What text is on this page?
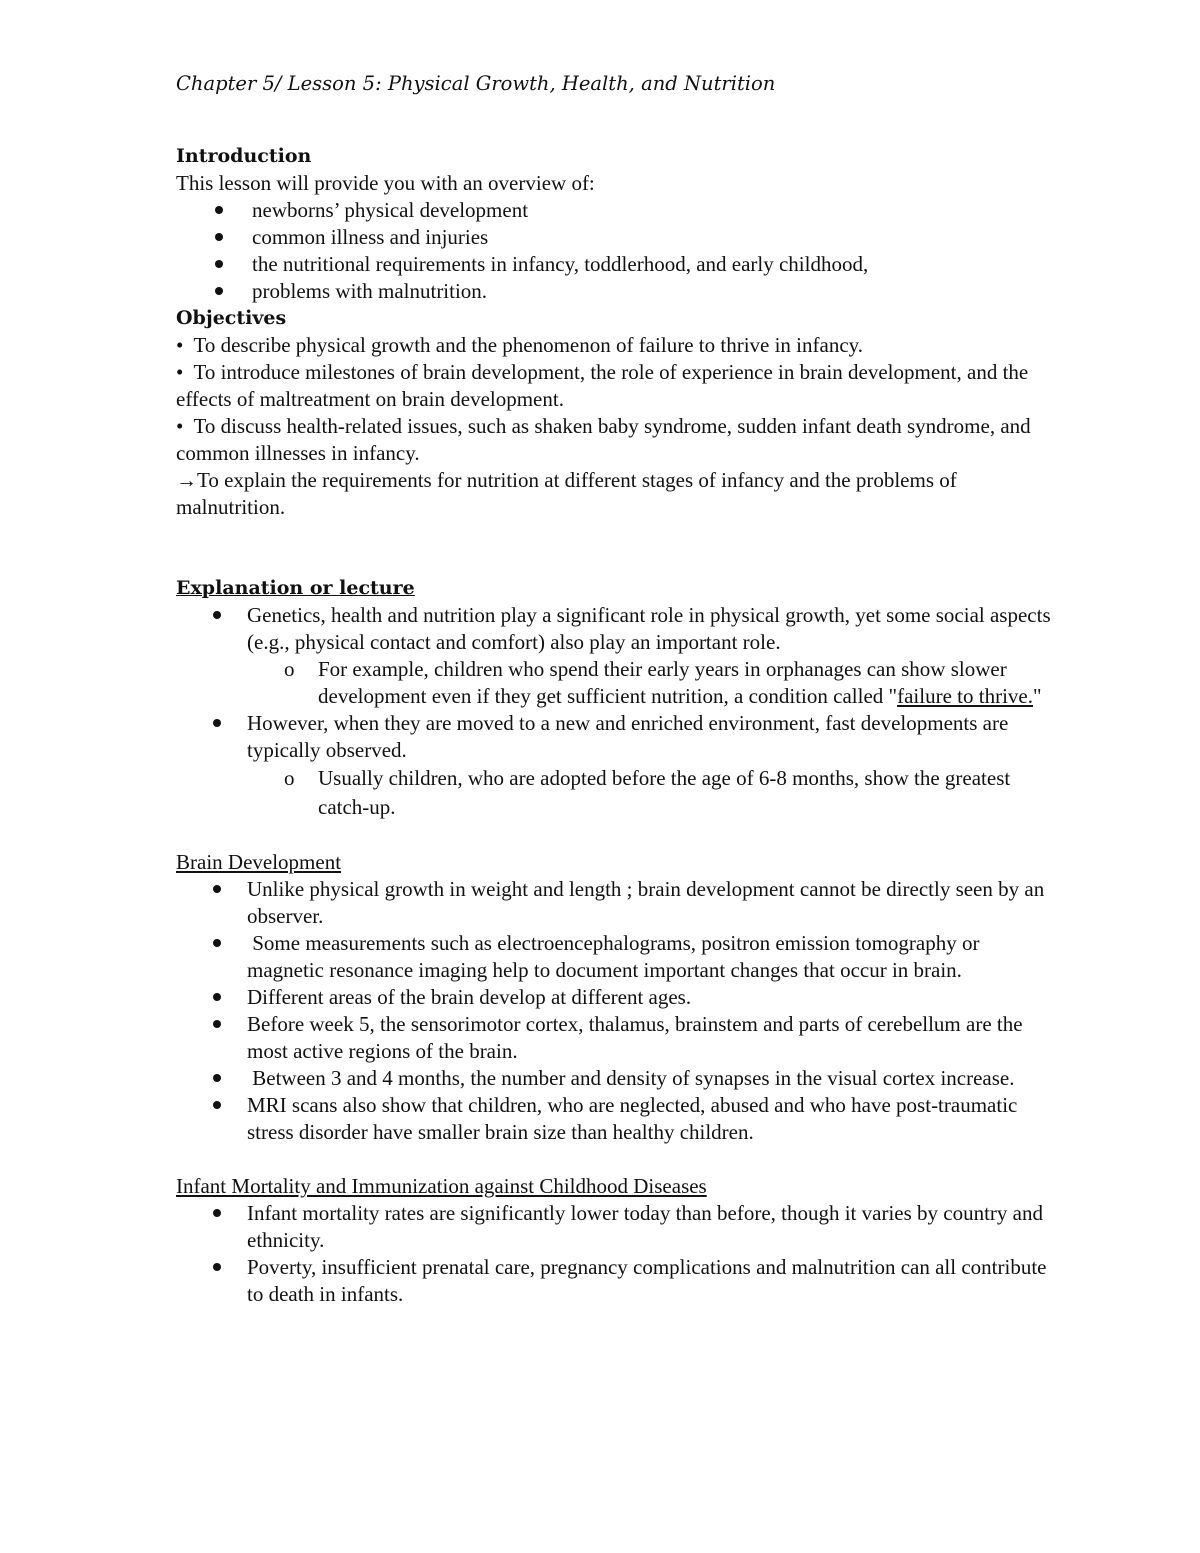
Chapter 5/ Lesson 5: Physical Growth, Health, and Nutrition
Introduction

This lesson will provide you with an overview of:

newborns’ physical development
common illness and injuries
the nutritional requirements in infancy, toddlerhood, and early childhood,
problems with malnutrition.
Objectives

• To describe physical growth and the phenomenon of failure to thrive in infancy.

• To introduce milestones of brain development, the role of experience in brain development, and the effects of maltreatment on brain development.

• To discuss health-related issues, such as shaken baby syndrome, sudden infant death syndrome, and common illnesses in infancy.

→To explain the requirements for nutrition at different stages of infancy and the problems of malnutrition.

Explanation or lecture
Genetics, health and nutrition play a significant role in physical growth, yet some social aspects (e.g., physical contact and comfort) also play an important role.
o For example, children who spend their early years in orphanages can show slower development even if they get sufficient nutrition, a condition called "failure to thrive."
However, when they are moved to a new and enriched environment, fast developments are typically observed.
o Usually children, who are adopted before the age of 6-8 months, show the greatest catch-up.
Brain Development
Unlike physical growth in weight and length ; brain development cannot be directly seen by an observer.
Some measurements such as electroencephalograms, positron emission tomography or magnetic resonance imaging help to document important changes that occur in brain.
Different areas of the brain develop at different ages.
Before week 5, the sensorimotor cortex, thalamus, brainstem and parts of cerebellum are the most active regions of the brain.
Between 3 and 4 months, the number and density of synapses in the visual cortex increase.
MRI scans also show that children, who are neglected, abused and who have post-traumatic stress disorder have smaller brain size than healthy children.
Infant Mortality and Immunization against Childhood Diseases
Infant mortality rates are significantly lower today than before, though it varies by country and ethnicity.
Poverty, insufficient prenatal care, pregnancy complications and malnutrition can all contribute to death in infants.
